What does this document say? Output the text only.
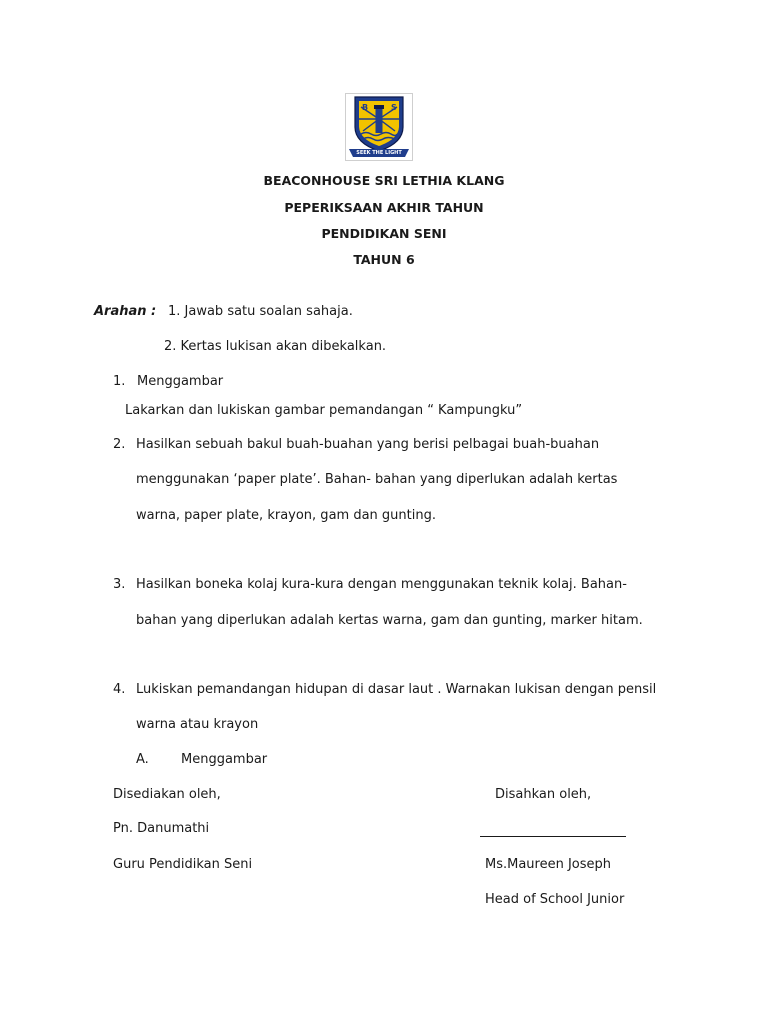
B	S
SEEK THE LIGHT
BEACONHOUSE SRI LETHIA KLANG
PEPERIKSAAN AKHIR TAHUN
PENDIDIKAN SENI
TAHUN 6
Arahan : 1. Jawab satu soalan sahaja.
2. Kertas lukisan akan dibekalkan.
1. Menggambar
Lakarkan dan lukiskan gambar pemandangan “ Kampungku”
2. Hasilkan sebuah bakul buah-buahan yang berisi pelbagai buah-buahan
menggunakan ‘paper plate’. Bahan- bahan yang diperlukan adalah kertas
warna, paper plate, krayon, gam dan gunting.
3. Hasilkan boneka kolaj kura-kura dengan menggunakan teknik kolaj. Bahan-
bahan yang diperlukan adalah kertas warna, gam dan gunting, marker hitam.
4. Lukiskan pemandangan hidupan di dasar laut . Warnakan lukisan dengan pensil
warna atau krayon
A. Menggambar
Disediakan oleh,	Disahkan oleh,
Pn. Danumathi
Guru Pendidikan Seni	Ms.Maureen Joseph
Head of School Junior
